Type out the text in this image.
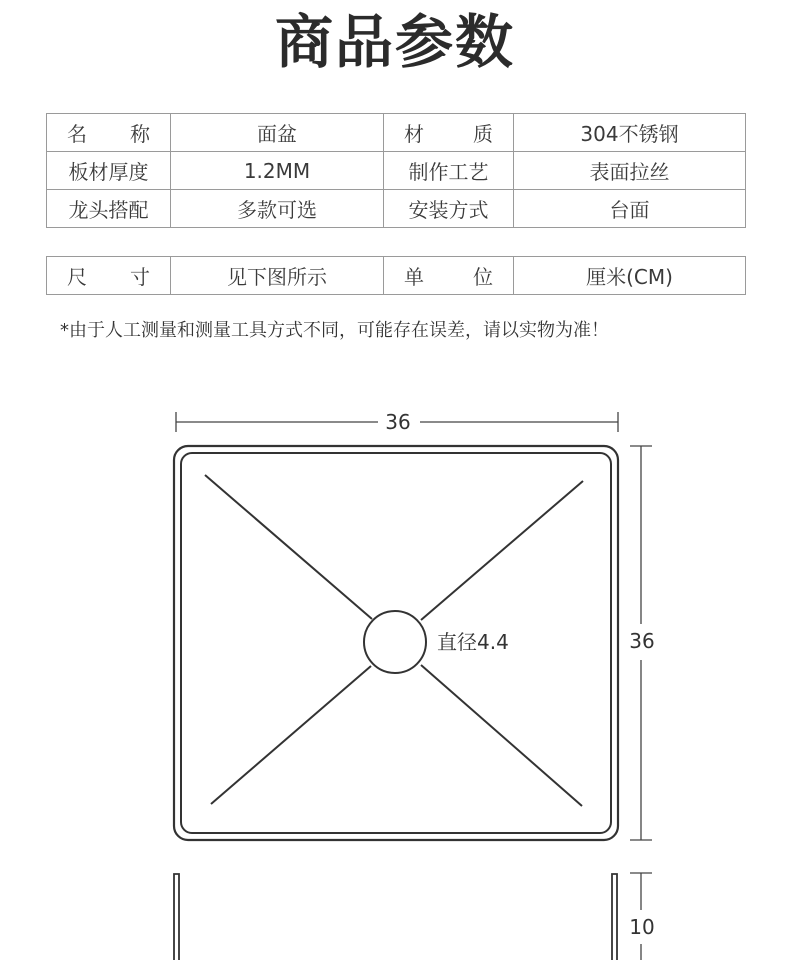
商品参数
名 称	面盆	材 质	304不锈钢
板材厚度	1.2MM	制作工艺	表面拉丝
龙头搭配	多款可选	安装方式	台面
尺 寸	见下图所示	单 位	厘米(CM)
*由于人工测量和测量工具方式不同，可能存在误差，请以实物为准！
36
直径4.4	36
10
